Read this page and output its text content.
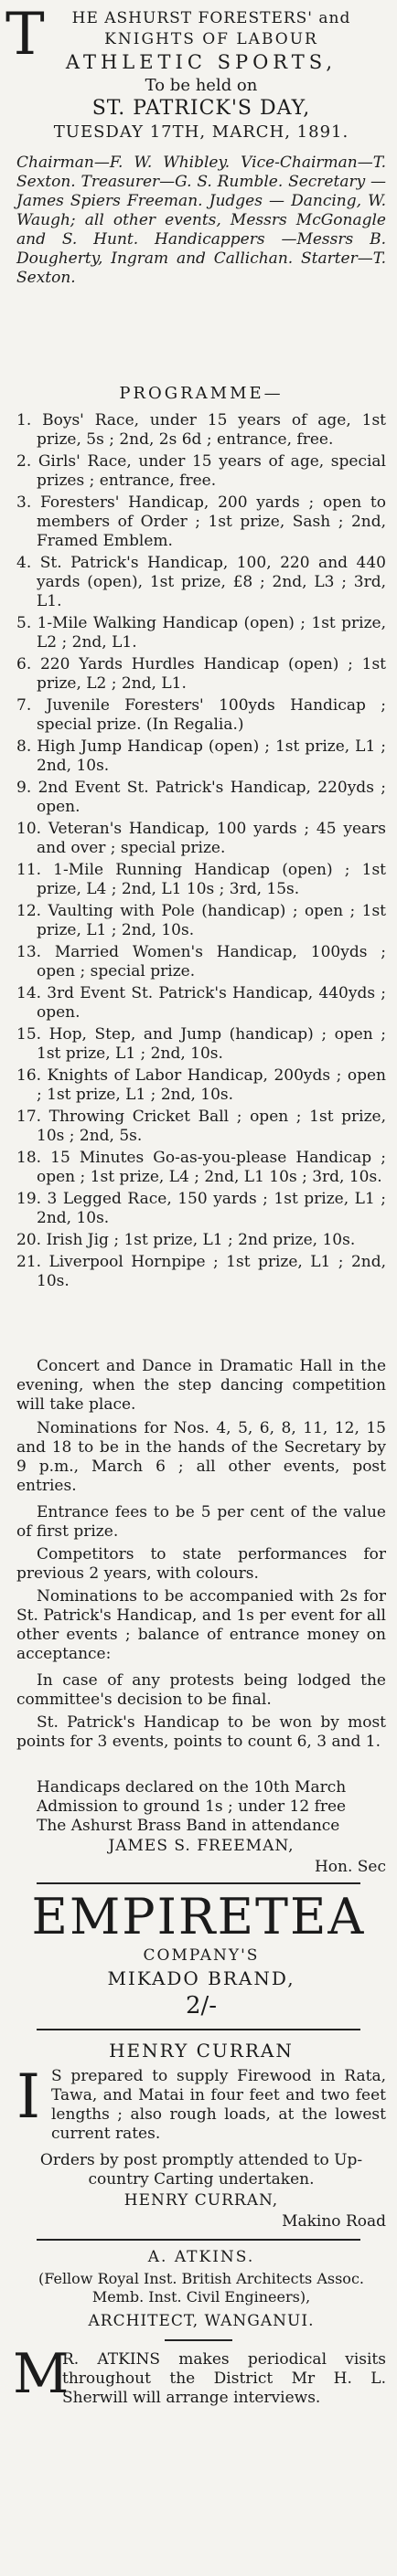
T	HE ASHURST FORESTERS' and
KNIGHTS OF LABOUR
ATHLETIC SPORTS,
To be held on
ST. PATRICK'S DAY,
TUESDAY 17TH, MARCH, 1891.
Chairman—F. W. Whibley. Vice-Chairman—T. Sexton. Treasurer—G. S. Rumble. Secretary — James Spiers Freeman. Judges — Dancing, W. Waugh; all other events, Messrs McGonagle and S. Hunt. Handicappers —Messrs B. Dougherty, Ingram and Callichan. Starter—T. Sexton.
PROGRAMME—
1. Boys' Race, under 15 years of age, 1st prize, 5s ; 2nd, 2s 6d ; entrance, free.
2. Girls' Race, under 15 years of age, special prizes ; entrance, free.
3. Foresters' Handicap, 200 yards ; open to members of Order ; 1st prize, Sash ; 2nd, Framed Emblem.
4. St. Patrick's Handicap, 100, 220 and 440 yards (open), 1st prize, £8 ; 2nd, L3 ; 3rd, L1.
5. 1-Mile Walking Handicap (open) ; 1st prize, L2 ; 2nd, L1.
6. 220 Yards Hurdles Handicap (open) ; 1st prize, L2 ; 2nd, L1.
7. Juvenile Foresters' 100yds Handicap ; special prize. (In Regalia.)
8. High Jump Handicap (open) ; 1st prize, L1 ; 2nd, 10s.
9. 2nd Event St. Patrick's Handicap, 220yds ; open.
10. Veteran's Handicap, 100 yards ; 45 years and over ; special prize.
11. 1-Mile Running Handicap (open) ; 1st prize, L4 ; 2nd, L1 10s ; 3rd, 15s.
12. Vaulting with Pole (handicap) ; open ; 1st prize, L1 ; 2nd, 10s.
13. Married Women's Handicap, 100yds ; open ; special prize.
14. 3rd Event St. Patrick's Handicap, 440yds ; open.
15. Hop, Step, and Jump (handicap) ; open ; 1st prize, L1 ; 2nd, 10s.
16. Knights of Labor Handicap, 200yds ; open ; 1st prize, L1 ; 2nd, 10s.
17. Throwing Cricket Ball ; open ; 1st prize, 10s ; 2nd, 5s.
18. 15 Minutes Go-as-you-please Handicap ; open ; 1st prize, L4 ; 2nd, L1 10s ; 3rd, 10s.
19. 3 Legged Race, 150 yards ; 1st prize, L1 ; 2nd, 10s.
20. Irish Jig ; 1st prize, L1 ; 2nd prize, 10s.
21. Liverpool Hornpipe ; 1st prize, L1 ; 2nd, 10s.
Concert and Dance in Dramatic Hall in the evening, when the step dancing competition will take place.
Nominations for Nos. 4, 5, 6, 8, 11, 12, 15 and 18 to be in the hands of the Secretary by 9 p.m., March 6 ; all other events, post entries.
Entrance fees to be 5 per cent of the value of first prize.
Competitors to state performances for previous 2 years, with colours.
Nominations to be accompanied with 2s for St. Patrick's Handicap, and 1s per event for all other events ; balance of entrance money on acceptance:
In case of any protests being lodged the committee's decision to be final.
St. Patrick's Handicap to be won by most points for 3 events, points to count 6, 3 and 1.
Handicaps declared on the 10th March
Admission to ground 1s ; under 12 free
The Ashurst Brass Band in attendance
JAMES S. FREEMAN,
Hon. Sec
EMPIRETEA
COMPANY'S
MIKADO BRAND,
2/-
HENRY CURRAN
I S prepared to supply Firewood in Rata, Tawa, and Matai in four feet and two feet lengths ; also rough loads, at the lowest current rates.
Orders by post promptly attended to Up-country Carting undertaken.
HENRY CURRAN,
Makino Road
A. ATKINS.
(Fellow Royal Inst. British Architects Assoc. Memb. Inst. Civil Engineers),
ARCHITECT, WANGANUI.
M
R. ATKINS makes periodical visits throughout the District Mr H. L. Sherwill will arrange interviews.
